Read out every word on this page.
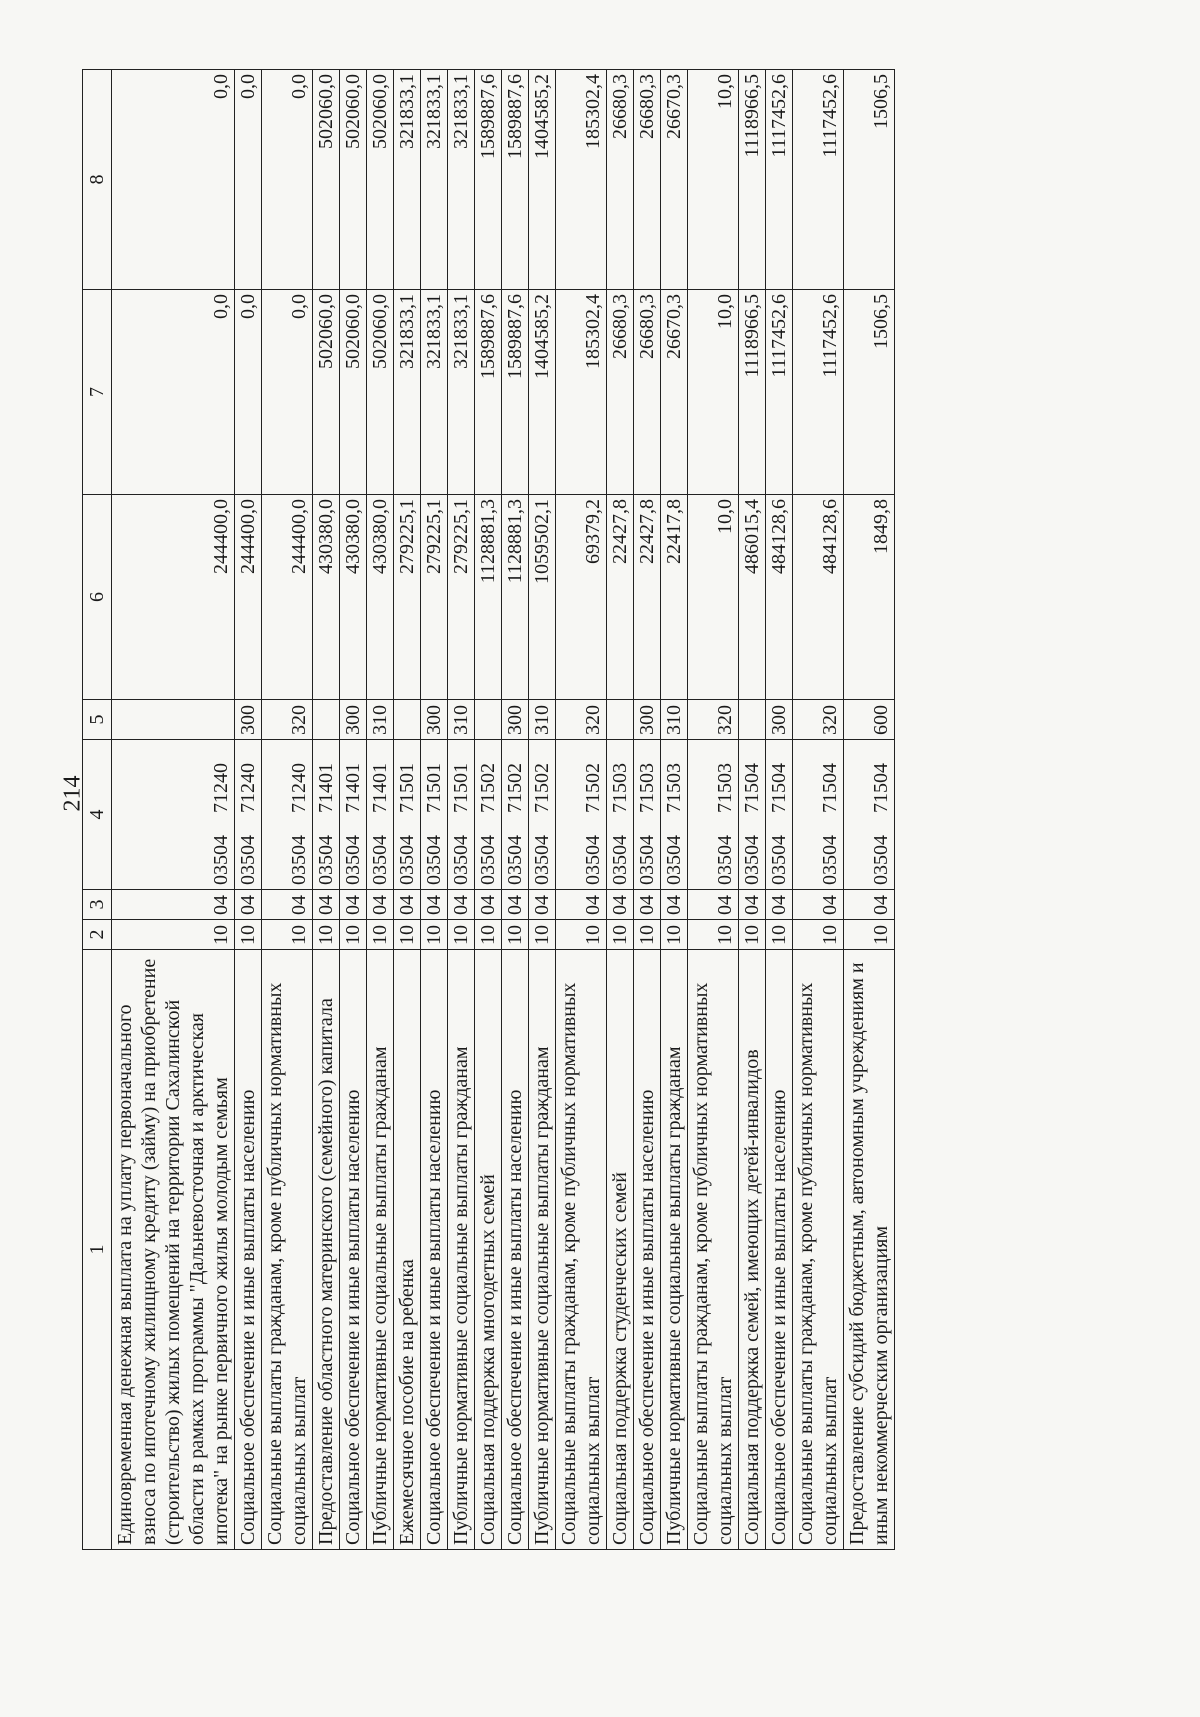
214
1	2	3	4	5	6	7	8
Единовременная денежная выплата на уплату первоначального взноса по ипотечному жилищному кредиту (займу) на приобретение (строительство) жилых помещений на территории Сахалинской области в рамках программы "Дальневосточная и арктическая ипотека" на рынке первичного жилья молодым семьям	10	04	0350471240		244400,0	0,0	0,0
Социальное обеспечение и иные выплаты населению	10	04	0350471240	300	244400,0	0,0	0,0
Социальные выплаты гражданам, кроме публичных нормативных социальных выплат	10	04	0350471240	320	244400,0	0,0	0,0
Предоставление областного материнского (семейного) капитала	10	04	0350471401		430380,0	502060,0	502060,0
Социальное обеспечение и иные выплаты населению	10	04	0350471401	300	430380,0	502060,0	502060,0
Публичные нормативные социальные выплаты гражданам	10	04	0350471401	310	430380,0	502060,0	502060,0
Ежемесячное пособие на ребенка	10	04	0350471501		279225,1	321833,1	321833,1
Социальное обеспечение и иные выплаты населению	10	04	0350471501	300	279225,1	321833,1	321833,1
Публичные нормативные социальные выплаты гражданам	10	04	0350471501	310	279225,1	321833,1	321833,1
Социальная поддержка многодетных семей	10	04	0350471502		1128881,3	1589887,6	1589887,6
Социальное обеспечение и иные выплаты населению	10	04	0350471502	300	1128881,3	1589887,6	1589887,6
Публичные нормативные социальные выплаты гражданам	10	04	0350471502	310	1059502,1	1404585,2	1404585,2
Социальные выплаты гражданам, кроме публичных нормативных социальных выплат	10	04	0350471502	320	69379,2	185302,4	185302,4
Социальная поддержка студенческих семей	10	04	0350471503		22427,8	26680,3	26680,3
Социальное обеспечение и иные выплаты населению	10	04	0350471503	300	22427,8	26680,3	26680,3
Публичные нормативные социальные выплаты гражданам	10	04	0350471503	310	22417,8	26670,3	26670,3
Социальные выплаты гражданам, кроме публичных нормативных социальных выплат	10	04	0350471503	320	10,0	10,0	10,0
Социальная поддержка семей, имеющих детей-инвалидов	10	04	0350471504		486015,4	1118966,5	1118966,5
Социальное обеспечение и иные выплаты населению	10	04	0350471504	300	484128,6	1117452,6	1117452,6
Социальные выплаты гражданам, кроме публичных нормативных социальных выплат	10	04	0350471504	320	484128,6	1117452,6	1117452,6
Предоставление субсидий бюджетным, автономным учреждениям и иным некоммерческим организациям	10	04	0350471504	600	1849,8	1506,5	1506,5
